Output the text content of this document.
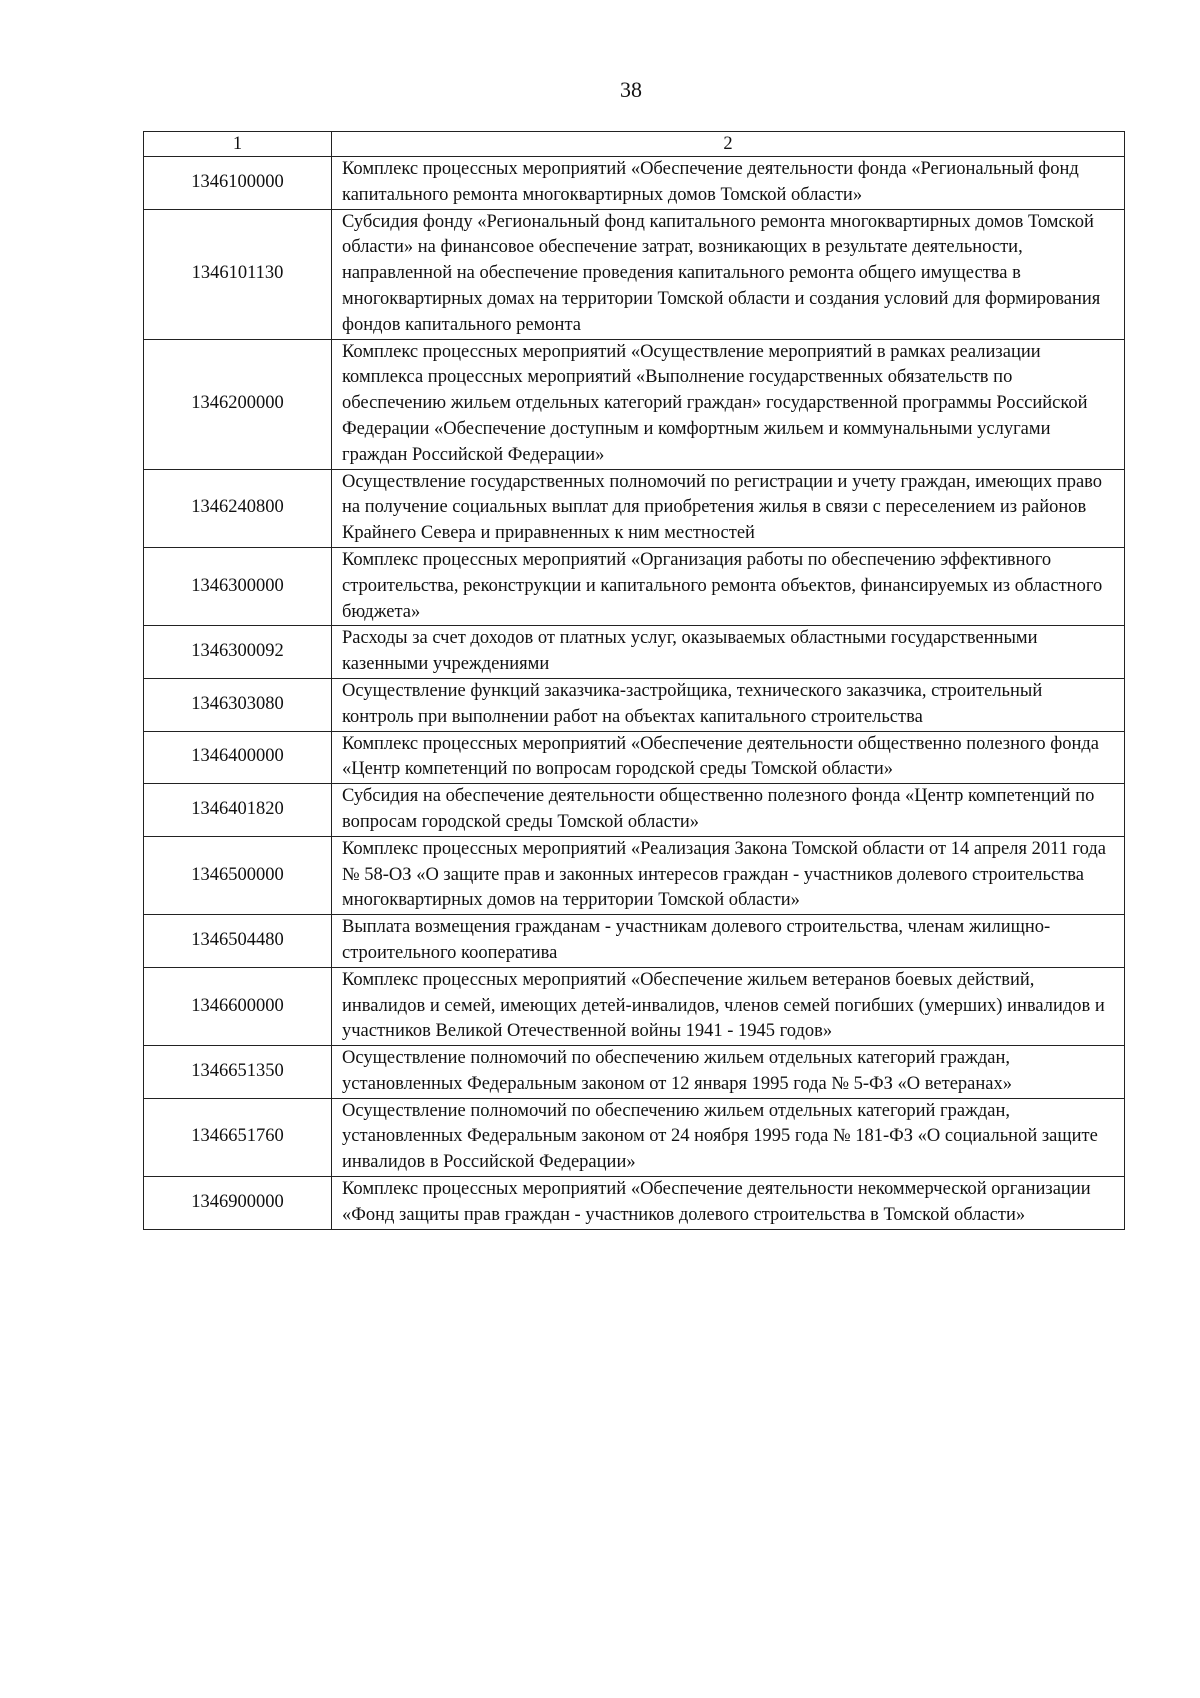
38
1	2
1346100000	Комплекс процессных мероприятий «Обеспечение деятельности фонда «Региональный фонд капитального ремонта многоквартирных домов Томской области»
1346101130	Субсидия фонду «Региональный фонд капитального ремонта многоквартирных домов Томской области» на финансовое обеспечение затрат, возникающих в результате деятельности, направленной на обеспечение проведения капитального ремонта общего имущества в многоквартирных домах на территории Томской области и создания условий для формирования фондов капитального ремонта
1346200000	Комплекс процессных мероприятий «Осуществление мероприятий в рамках реализации комплекса процессных мероприятий «Выполнение государственных обязательств по обеспечению жильем отдельных категорий граждан» государственной программы Российской Федерации «Обеспечение доступным и комфортным жильем и коммунальными услугами граждан Российской Федерации»
1346240800	Осуществление государственных полномочий по регистрации и учету граждан, имеющих право на получение социальных выплат для приобретения жилья в связи с переселением из районов Крайнего Севера и приравненных к ним местностей
1346300000	Комплекс процессных мероприятий «Организация работы по обеспечению эффективного строительства, реконструкции и капитального ремонта объектов, финансируемых из областного бюджета»
1346300092	Расходы за счет доходов от платных услуг, оказываемых областными государственными казенными учреждениями
1346303080	Осуществление функций заказчика-застройщика, технического заказчика, строительный контроль при выполнении работ на объектах капитального строительства
1346400000	Комплекс процессных мероприятий «Обеспечение деятельности общественно полезного фонда «Центр компетенций по вопросам городской среды Томской области»
1346401820	Субсидия на обеспечение деятельности общественно полезного фонда «Центр компетенций по вопросам городской среды Томской области»
1346500000	Комплекс процессных мероприятий «Реализация Закона Томской области от 14 апреля 2011 года № 58-ОЗ «О защите прав и законных интересов граждан - участников долевого строительства многоквартирных домов на территории Томской области»
1346504480	Выплата возмещения гражданам - участникам долевого строительства, членам жилищно-строительного кооператива
1346600000	Комплекс процессных мероприятий «Обеспечение жильем ветеранов боевых действий, инвалидов и семей, имеющих детей-инвалидов, членов семей погибших (умерших) инвалидов и участников Великой Отечественной войны 1941 - 1945 годов»
1346651350	Осуществление полномочий по обеспечению жильем отдельных категорий граждан, установленных Федеральным законом от 12 января 1995 года № 5-ФЗ «О ветеранах»
1346651760	Осуществление полномочий по обеспечению жильем отдельных категорий граждан, установленных Федеральным законом от 24 ноября 1995 года № 181-ФЗ «О социальной защите инвалидов в Российской Федерации»
1346900000	Комплекс процессных мероприятий «Обеспечение деятельности некоммерческой организации «Фонд защиты прав граждан - участников долевого строительства в Томской области»
